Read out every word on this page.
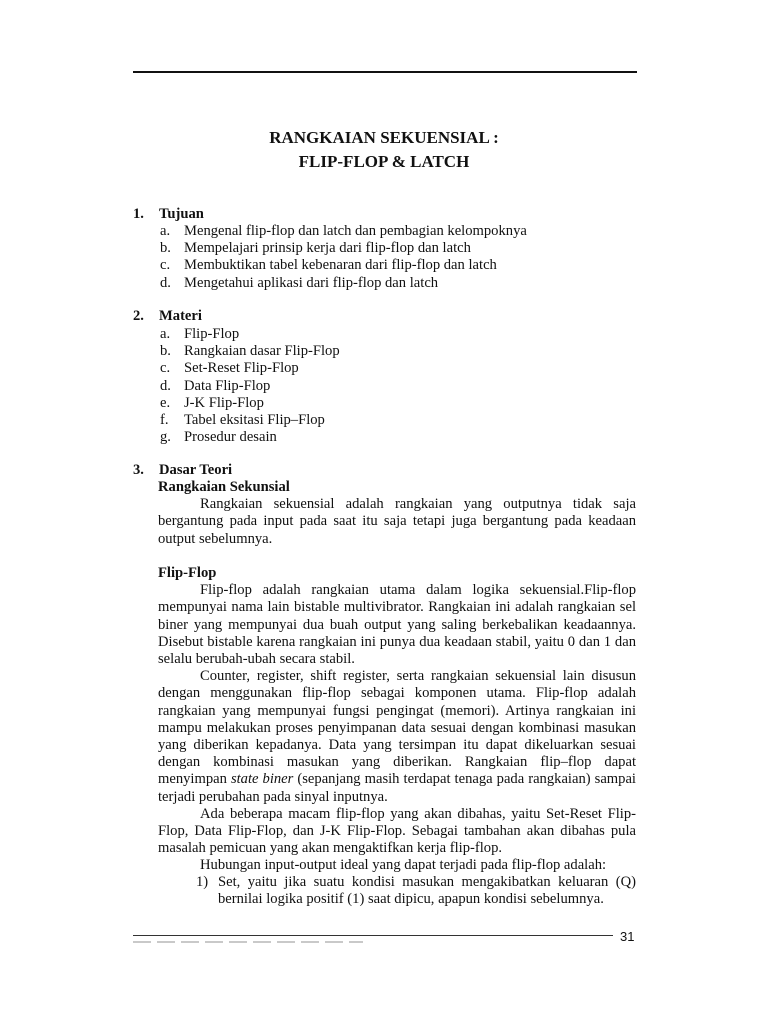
RANGKAIAN SEKUENSIAL :
FLIP-FLOP & LATCH
1. Tujuan
a. Mengenal flip-flop dan latch dan pembagian kelompoknya
b. Mempelajari prinsip kerja dari flip-flop dan latch
c. Membuktikan tabel kebenaran dari flip-flop dan latch
d. Mengetahui aplikasi dari flip-flop dan latch
2. Materi
a. Flip-Flop
b. Rangkaian dasar Flip-Flop
c. Set-Reset Flip-Flop
d. Data Flip-Flop
e. J-K Flip-Flop
f. Tabel eksitasi Flip–Flop
g. Prosedur desain
3. Dasar Teori

Rangkaian Sekunsial

Rangkaian sekuensial adalah rangkaian yang outputnya tidak saja bergantung pada input pada saat itu saja tetapi juga bergantung pada keadaan output sebelumnya.

Flip-Flop

Flip-flop adalah rangkaian utama dalam logika sekuensial.Flip-flop mempunyai nama lain bistable multivibrator. Rangkaian ini adalah rangkaian sel biner yang mempunyai dua buah output yang saling berkebalikan keadaannya. Disebut bistable karena rangkaian ini punya dua keadaan stabil, yaitu 0 dan 1 dan selalu berubah-ubah secara stabil.

Counter, register, shift register, serta rangkaian sekuensial lain disusun dengan menggunakan flip-flop sebagai komponen utama. Flip-flop adalah rangkaian yang mempunyai fungsi pengingat (memori). Artinya rangkaian ini mampu melakukan proses penyimpanan data sesuai dengan kombinasi masukan yang diberikan kepadanya. Data yang tersimpan itu dapat dikeluarkan sesuai dengan kombinasi masukan yang diberikan. Rangkaian flip–flop dapat menyimpan state biner (sepanjang masih terdapat tenaga pada rangkaian) sampai terjadi perubahan pada sinyal inputnya.

Ada beberapa macam flip-flop yang akan dibahas, yaitu Set-Reset Flip-Flop, Data Flip-Flop, dan J-K Flip-Flop. Sebagai tambahan akan dibahas pula masalah pemicuan yang akan mengaktifkan kerja flip-flop.

Hubungan input-output ideal yang dapat terjadi pada flip-flop adalah:

1) Set, yaitu jika suatu kondisi masukan mengakibatkan keluaran (Q) bernilai logika positif (1) saat dipicu, apapun kondisi sebelumnya.

31
